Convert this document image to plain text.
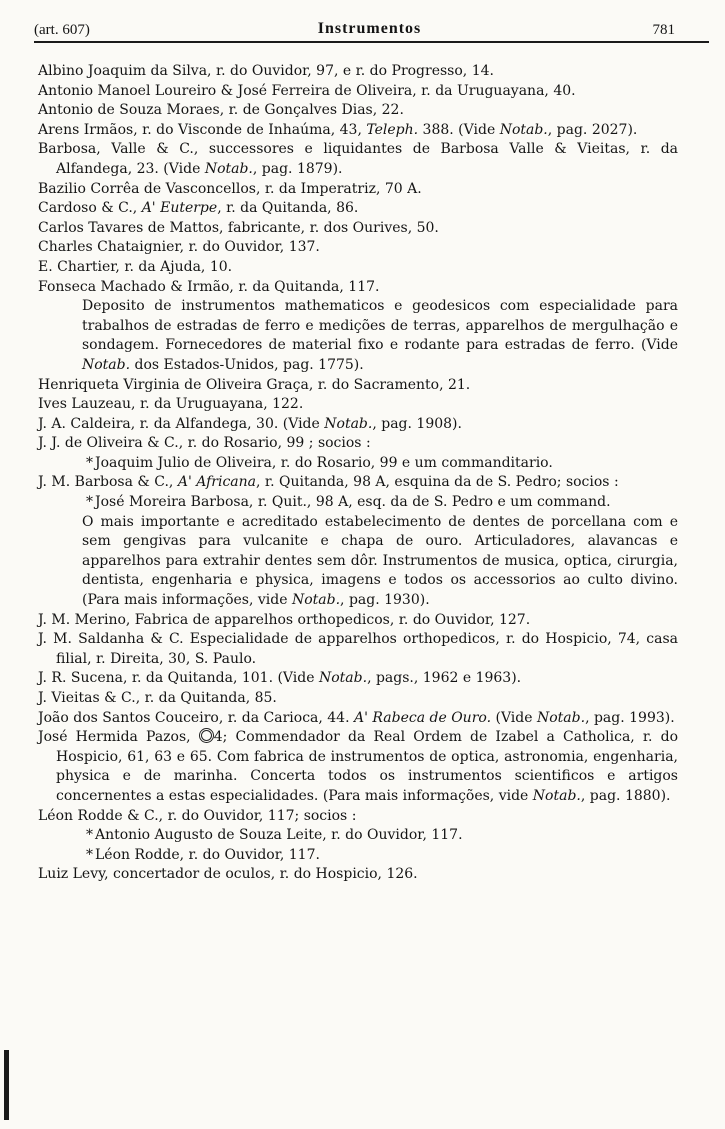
(art. 607)	Instrumentos	781

Albino Joaquim da Silva, r. do Ouvidor, 97, e r. do Progresso, 14.

Antonio Manoel Loureiro & José Ferreira de Oliveira, r. da Uruguayana, 40.

Antonio de Souza Moraes, r. de Gonçalves Dias, 22.

Arens Irmãos, r. do Visconde de Inhaúma, 43, Teleph. 388. (Vide Notab., pag. 2027).

Barbosa, Valle & C., successores e liquidantes de Barbosa Valle & Vieitas, r. da Alfandega, 23. (Vide Notab., pag. 1879).

Bazilio Corrêa de Vasconcellos, r. da Imperatriz, 70 A.

Cardoso & C., A' Euterpe, r. da Quitanda, 86.

Carlos Tavares de Mattos, fabricante, r. dos Ourives, 50.

Charles Chataignier, r. do Ouvidor, 137.

E. Chartier, r. da Ajuda, 10.

Fonseca Machado & Irmão, r. da Quitanda, 117.

Deposito de instrumentos mathematicos e geodesicos com especialidade para trabalhos de estradas de ferro e medições de terras, apparelhos de mergulhação e sondagem. Fornecedores de material fixo e rodante para estradas de ferro. (Vide Notab. dos Estados-Unidos, pag. 1775).

Henriqueta Virginia de Oliveira Graça, r. do Sacramento, 21.

Ives Lauzeau, r. da Uruguayana, 122.

J. A. Caldeira, r. da Alfandega, 30. (Vide Notab., pag. 1908).

J. J. de Oliveira & C., r. do Rosario, 99 ; socios :

* Joaquim Julio de Oliveira, r. do Rosario, 99 e um commanditario.

J. M. Barbosa & C., A' Africana, r. Quitanda, 98 A, esquina da de S. Pedro; socios :

* José Moreira Barbosa, r. Quit., 98 A, esq. da de S. Pedro e um command.

O mais importante e acreditado estabelecimento de dentes de porcellana com e sem gengivas para vulcanite e chapa de ouro. Articuladores, alavancas e apparelhos para extrahir dentes sem dôr. Instrumentos de musica, optica, cirurgia, dentista, engenharia e physica, imagens e todos os accessorios ao culto divino. (Para mais informações, vide Notab., pag. 1930).

J. M. Merino, Fabrica de apparelhos orthopedicos, r. do Ouvidor, 127.

J. M. Saldanha & C. Especialidade de apparelhos orthopedicos, r. do Hospicio, 74, casa filial, r. Direita, 30, S. Paulo.

J. R. Sucena, r. da Quitanda, 101. (Vide Notab., pags., 1962 e 1963).

J. Vieitas & C., r. da Quitanda, 85.

João dos Santos Couceiro, r. da Carioca, 44. A' Rabeca de Ouro. (Vide Notab., pag. 1993).

José Hermida Pazos, 4; Commendador da Real Ordem de Izabel a Catholica, r. do Hospicio, 61, 63 e 65. Com fabrica de instrumentos de optica, astronomia, engenharia, physica e de marinha. Concerta todos os instrumentos scientificos e artigos concernentes a estas especialidades. (Para mais informações, vide Notab., pag. 1880).

Léon Rodde & C., r. do Ouvidor, 117; socios :

* Antonio Augusto de Souza Leite, r. do Ouvidor, 117.

* Léon Rodde, r. do Ouvidor, 117.

Luiz Levy, concertador de oculos, r. do Hospicio, 126.
